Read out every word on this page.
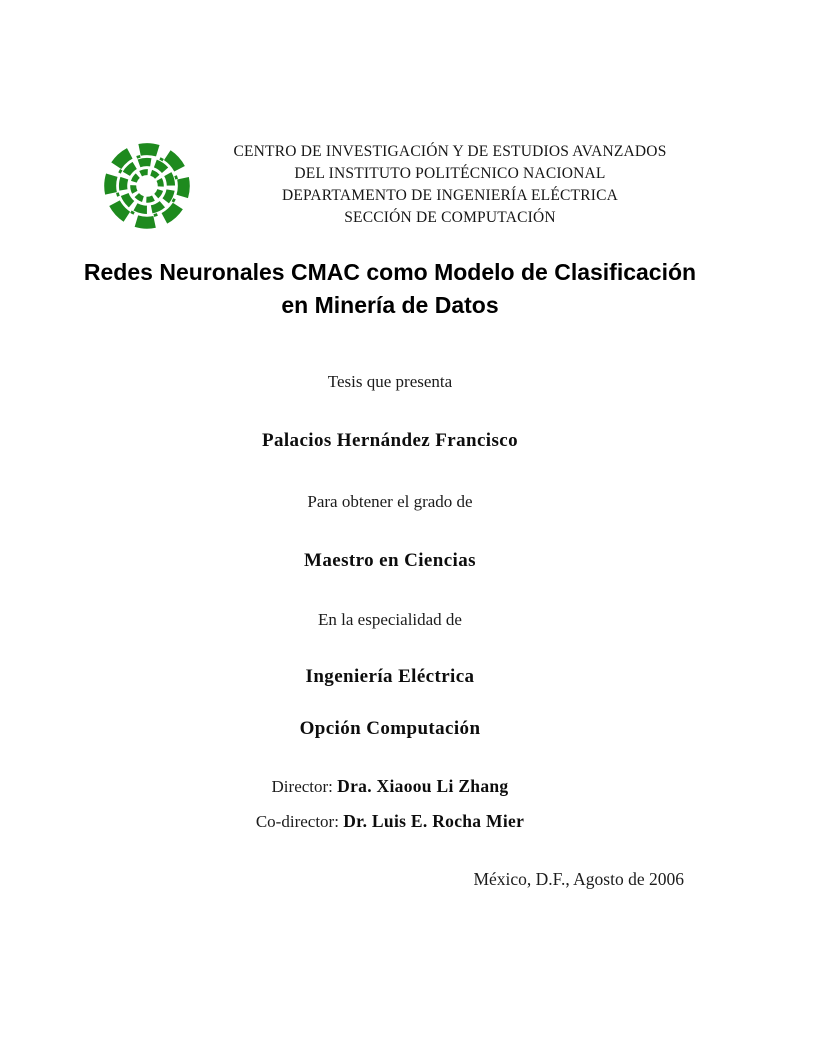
CENTRO DE INVESTIGACIÓN Y DE ESTUDIOS AVANZADOS
DEL INSTITUTO POLITÉCNICO NACIONAL
DEPARTAMENTO DE INGENIERÍA ELÉCTRICA
SECCIÓN DE COMPUTACIÓN
Redes Neuronales CMAC como Modelo de Clasificación
en Minería de Datos
Tesis que presenta
Palacios Hernández Francisco
Para obtener el grado de
Maestro en Ciencias
En la especialidad de
Ingeniería Eléctrica
Opción Computación
Director: Dra. Xiaoou Li Zhang
Co-director: Dr. Luis E. Rocha Mier
México, D.F., Agosto de 2006
